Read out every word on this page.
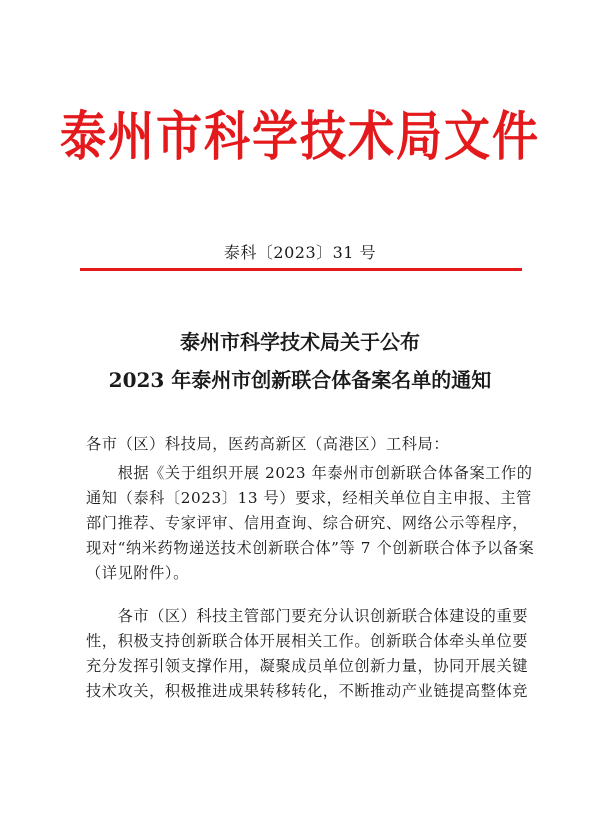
泰州市科学技术局文件
泰科〔2023〕31 号
泰州市科学技术局关于公布
2023 年泰州市创新联合体备案名单的通知
各市（区）科技局，医药高新区（高港区）工科局：
　　根据《关于组织开展 2023 年泰州市创新联合体备案工作的
通知（泰科〔2023〕13 号）要求，经相关单位自主申报、主管
部门推荐、专家评审、信用查询、综合研究、网络公示等程序，
现对“纳米药物递送技术创新联合体”等 7 个创新联合体予以备案
（详见附件）。
　　各市（区）科技主管部门要充分认识创新联合体建设的重要
性，积极支持创新联合体开展相关工作。创新联合体牵头单位要
充分发挥引领支撑作用，凝聚成员单位创新力量，协同开展关键
技术攻关，积极推进成果转移转化，不断推动产业链提高整体竞
